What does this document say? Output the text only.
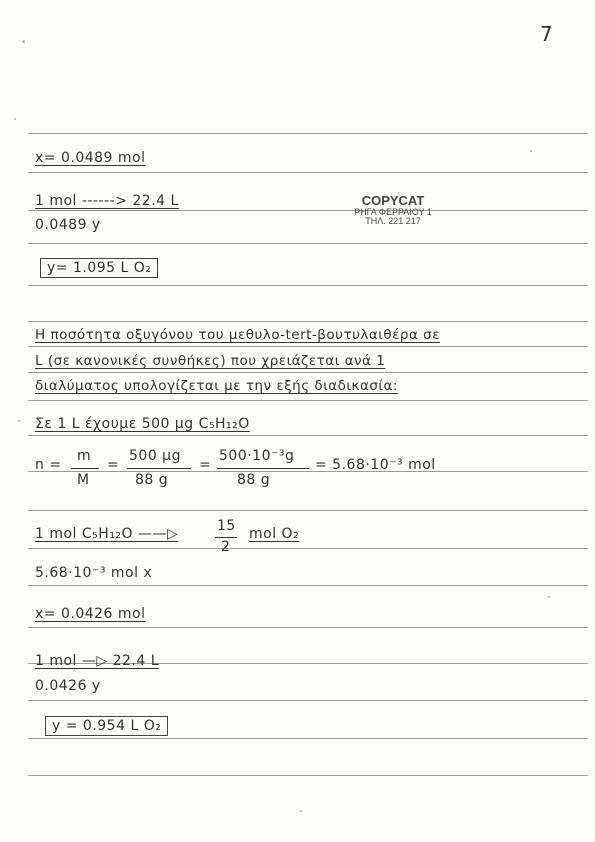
7
x= 0.0489 mol
1 mol ------> 22.4 L
0.0489 y
COPYCAT
ΡΗΓΑ ΦΕΡΡΑΙΟΥ 1
ΤΗΛ. 221 217
y= 1.095 L O₂
Η ποσότητα οξυγόνου του μεθυλο-tert-βουτυλαιθέρα σε
L (σε κανονικές συνθήκες) που χρειάζεται ανά 1
διαλύματος υπολογίζεται με την εξής διαδικασία:
Σε 1 L έχουμε 500 μg C₅H₁₂O
n =
m
M
=
500 μg
88 g
=
500·10⁻³g
88 g
= 5.68·10⁻³ mol
1 mol C₅H₁₂O ——▷	15
2
mol O₂
5.68·10⁻³ mol x
x= 0.0426 mol
1 mol —▷ 22.4 L
0.0426 y
y = 0.954 L O₂
